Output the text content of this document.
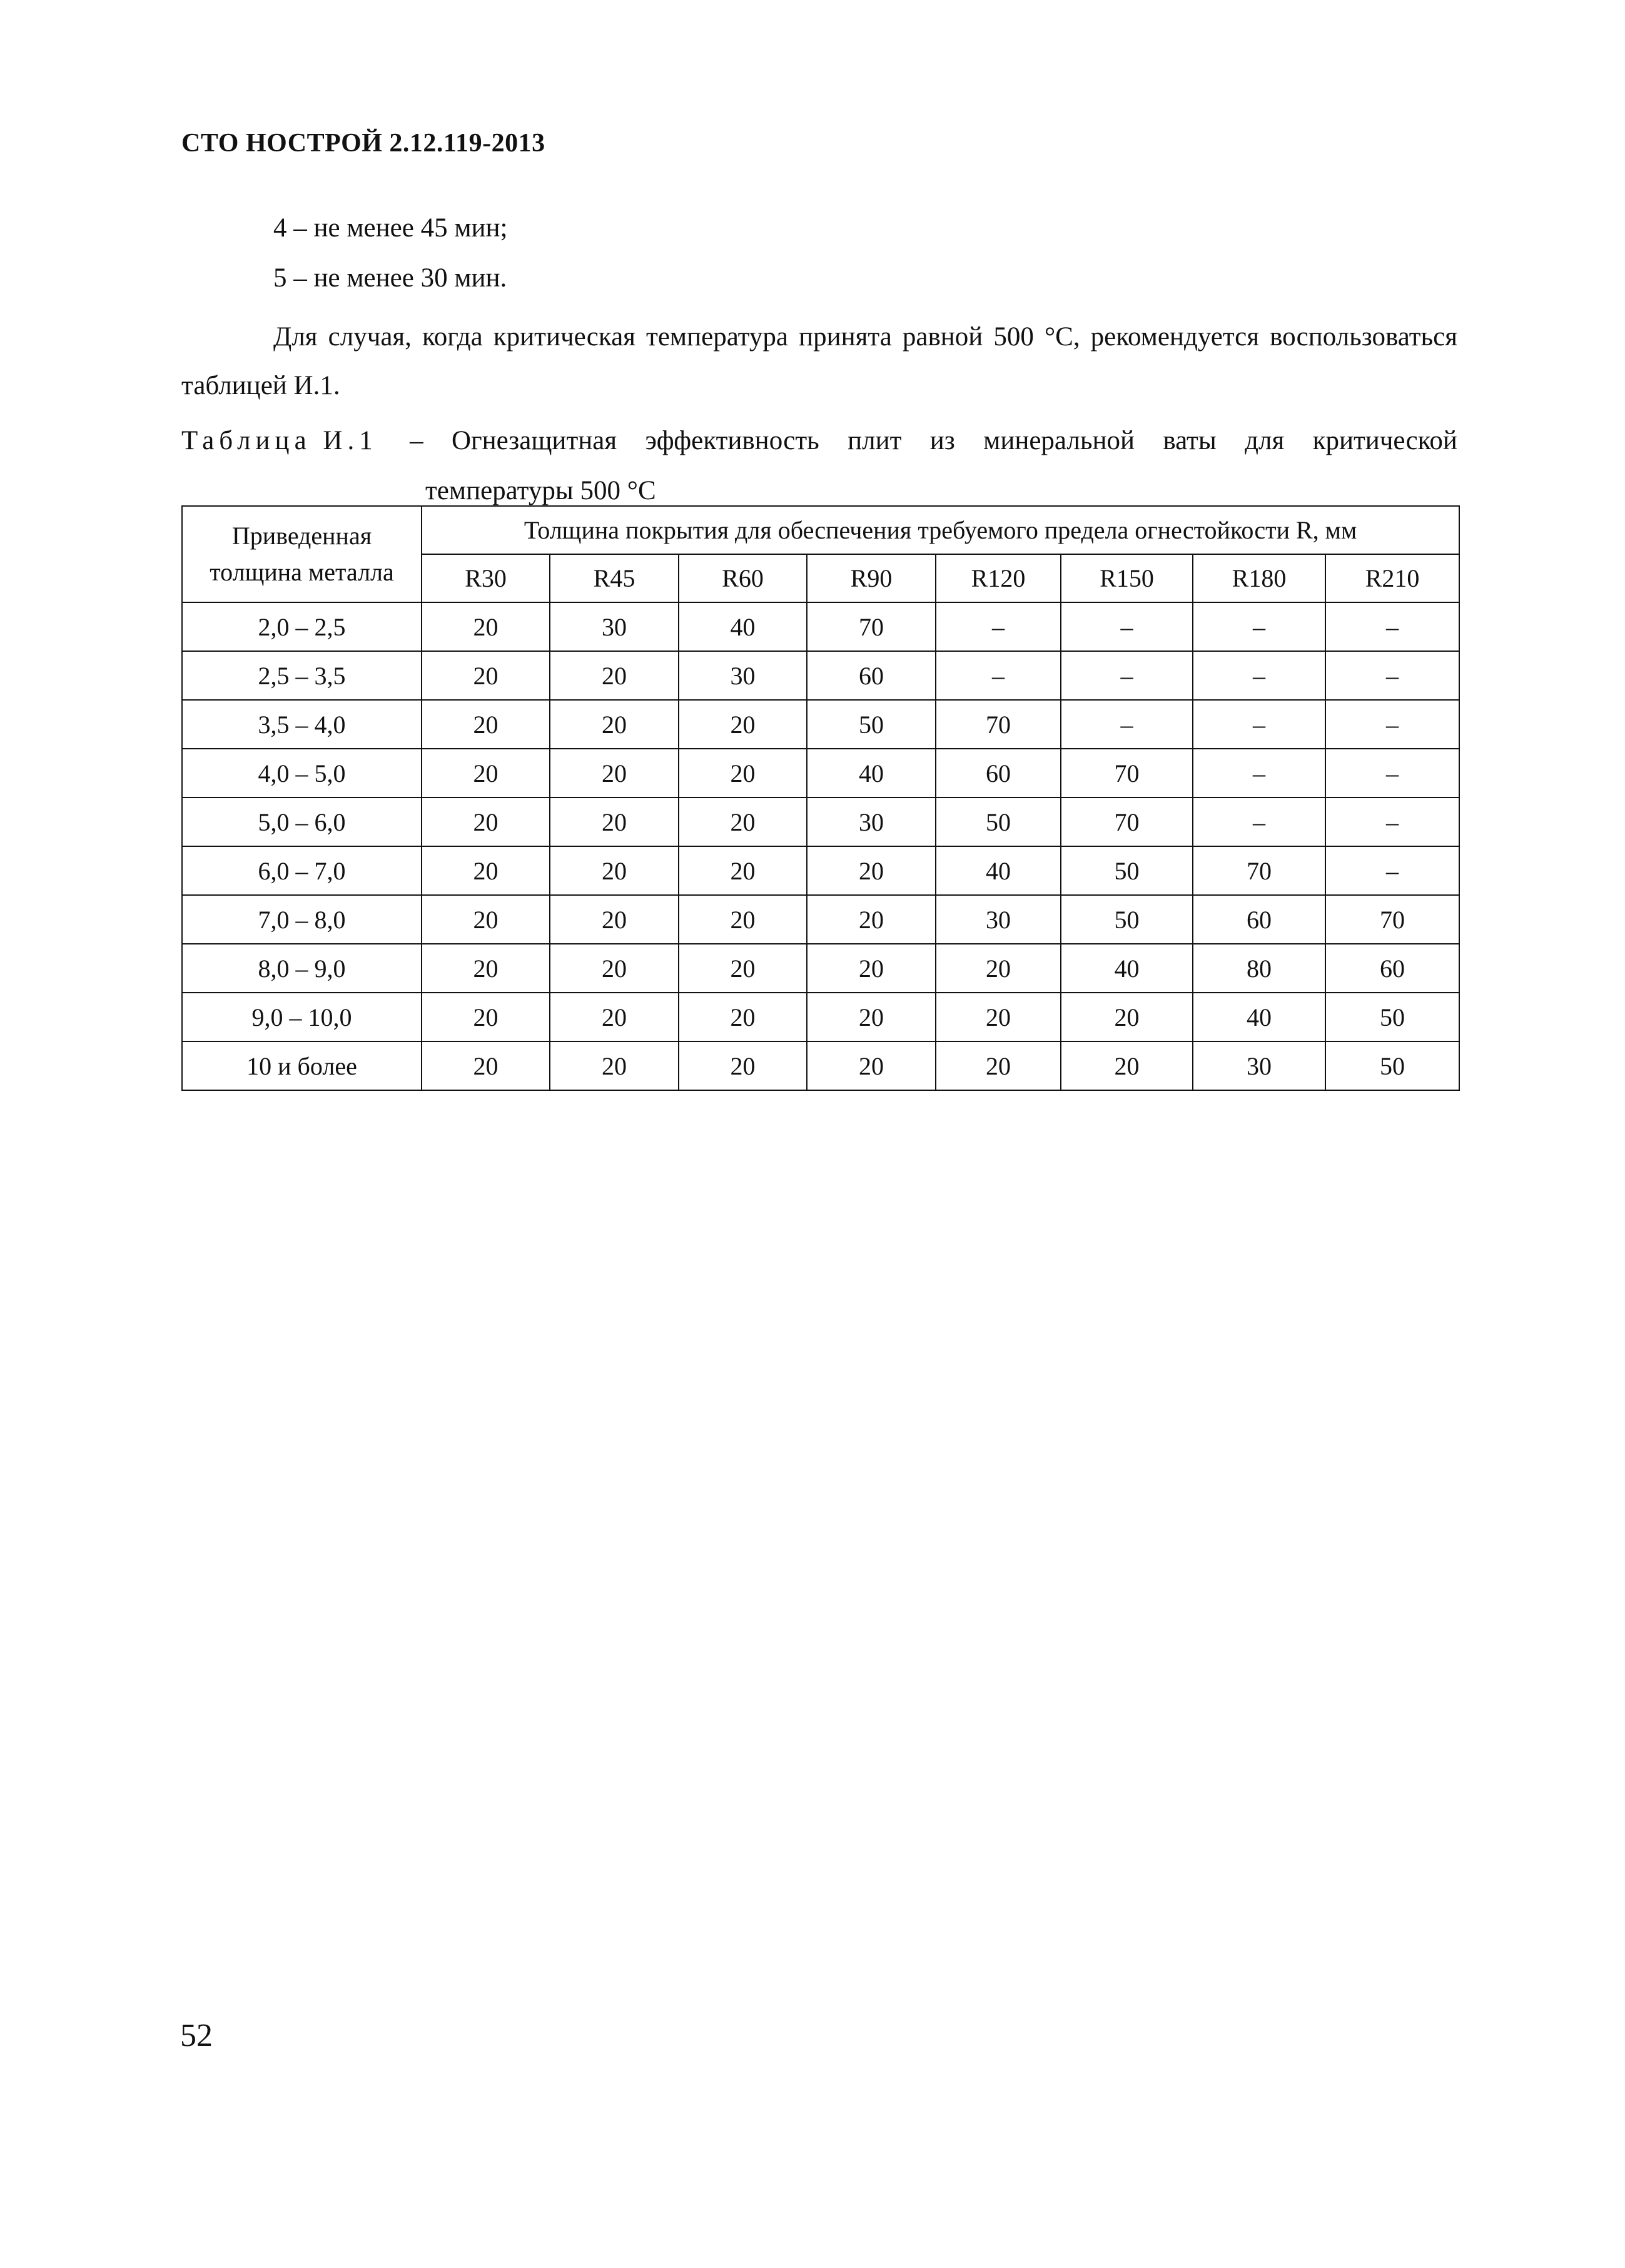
СТО НОСТРОЙ 2.12.119-2013
4 – не менее 45 мин;
5 – не менее 30 мин.
Для случая, когда критическая температура принята равной 500 °С, рекомендуется воспользоваться таблицей И.1.
Таблица И.1 – Огнезащитная эффективность плит из минеральной ваты для критической
температуры 500 °С
Приведенная толщина металла	Толщина покрытия для обеспечения требуемого предела огнестойкости R, мм							
	R30	R45	R60	R90	R120	R150	R180	R210
2,0 – 2,5	20	30	40	70	–	–	–	–
2,5 – 3,5	20	20	30	60	–	–	–	–
3,5 – 4,0	20	20	20	50	70	–	–	–
4,0 – 5,0	20	20	20	40	60	70	–	–
5,0 – 6,0	20	20	20	30	50	70	–	–
6,0 – 7,0	20	20	20	20	40	50	70	–
7,0 – 8,0	20	20	20	20	30	50	60	70
8,0 – 9,0	20	20	20	20	20	40	80	60
9,0 – 10,0	20	20	20	20	20	20	40	50
10 и более	20	20	20	20	20	20	30	50
52
